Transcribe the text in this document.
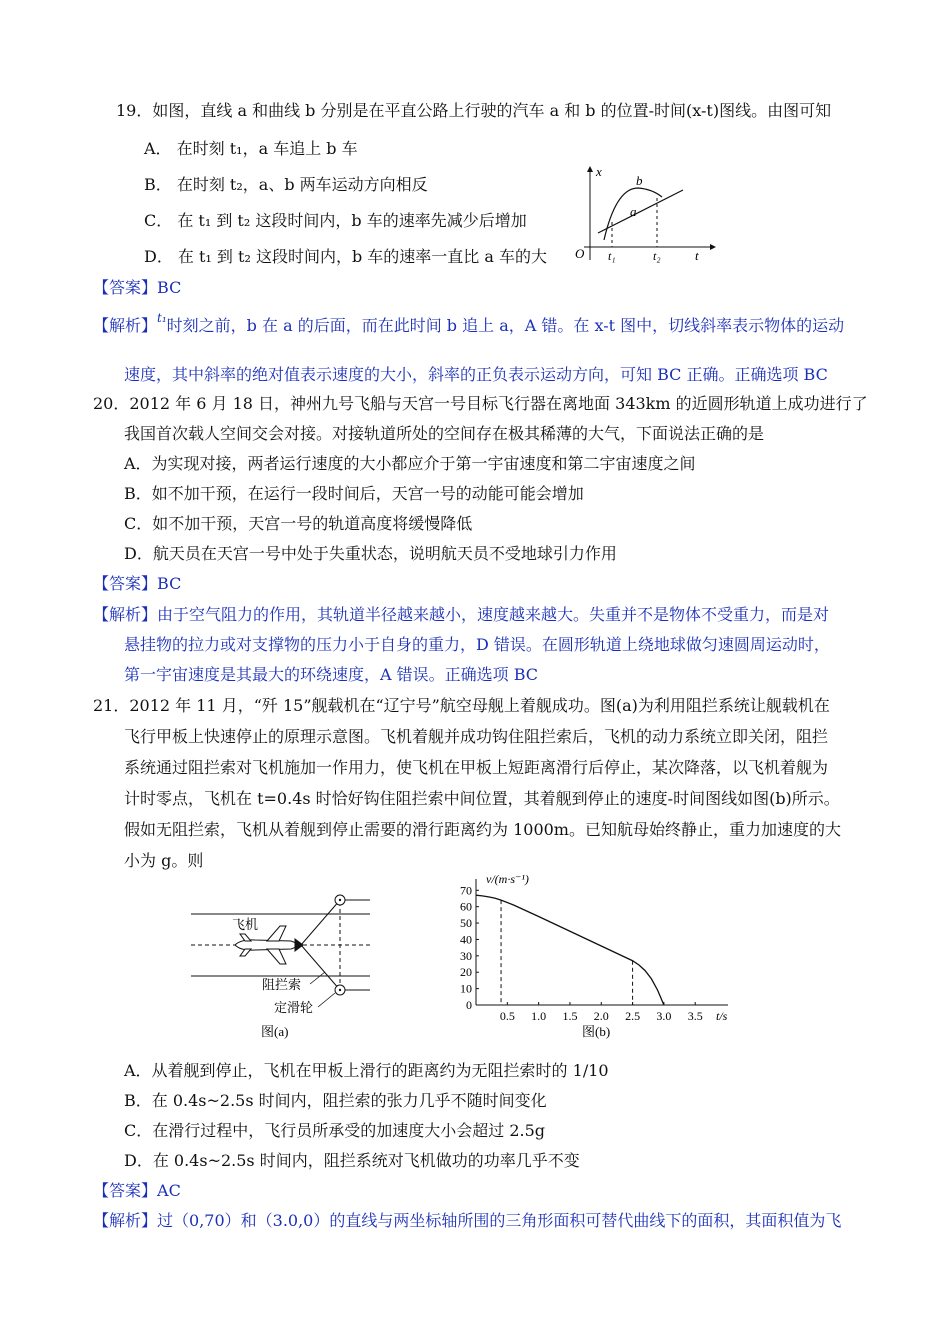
19．如图，直线 a 和曲线 b 分别是在平直公路上行驶的汽车 a 和 b 的位置-时间(x-t)图线。由图可知
A． 在时刻 t₁，a 车追上 b 车
B． 在时刻 t₂，a、b 两车运动方向相反
C． 在 t₁ 到 t₂ 这段时间内，b 车的速率先减少后增加
D． 在 t₁ 到 t₂ 这段时间内，b 车的速率一直比 a 车的大
x
t
O
b
a
t₁	t₂
【答案】BC
【解析】$^{t_1}$时刻之前，b 在 a 的后面，而在此时间 b 追上 a，A 错。在 x-t 图中，切线斜率表示物体的运动
速度，其中斜率的绝对值表示速度的大小，斜率的正负表示运动方向，可知 BC 正确。正确选项 BC
20．2012 年 6 月 18 日，神州九号飞船与天宫一号目标飞行器在离地面 343km 的近圆形轨道上成功进行了
我国首次载人空间交会对接。对接轨道所处的空间存在极其稀薄的大气，下面说法正确的是
A．为实现对接，两者运行速度的大小都应介于第一宇宙速度和第二宇宙速度之间
B．如不加干预，在运行一段时间后，天宫一号的动能可能会增加
C．如不加干预，天宫一号的轨道高度将缓慢降低
D．航天员在天宫一号中处于失重状态，说明航天员不受地球引力作用
【答案】BC
【解析】由于空气阻力的作用，其轨道半径越来越小，速度越来越大。失重并不是物体不受重力，而是对
悬挂物的拉力或对支撑物的压力小于自身的重力，D 错误。在圆形轨道上绕地球做匀速圆周运动时，
第一宇宙速度是其最大的环绕速度，A 错误。正确选项 BC
21．2012 年 11 月，“歼 15”舰载机在“辽宁号”航空母舰上着舰成功。图(a)为利用阻拦系统让舰载机在
飞行甲板上快速停止的原理示意图。飞机着舰并成功钩住阻拦索后，飞机的动力系统立即关闭，阻拦
系统通过阻拦索对飞机施加一作用力，使飞机在甲板上短距离滑行后停止，某次降落，以飞机着舰为
计时零点，飞机在 t=0.4s 时恰好钩住阻拦索中间位置，其着舰到停止的速度-时间图线如图(b)所示。
假如无阻拦索，飞机从着舰到停止需要的滑行距离约为 1000m。已知航母始终静止，重力加速度的大
小为 g。则
飞机
阻拦索
定滑轮
图(a)
0
10
20
30
40
50
60
70
0.5 1.0 1.5 2.0 2.5 3.0 3.5
v/(m·s⁻¹)
t/s
图(b)
A．从着舰到停止，飞机在甲板上滑行的距离约为无阻拦索时的 1/10
B．在 0.4s~2.5s 时间内，阻拦索的张力几乎不随时间变化
C．在滑行过程中，飞行员所承受的加速度大小会超过 2.5g
D．在 0.4s~2.5s 时间内，阻拦系统对飞机做功的功率几乎不变
【答案】AC
【解析】过（0,70）和（3.0,0）的直线与两坐标轴所围的三角形面积可替代曲线下的面积，其面积值为飞
